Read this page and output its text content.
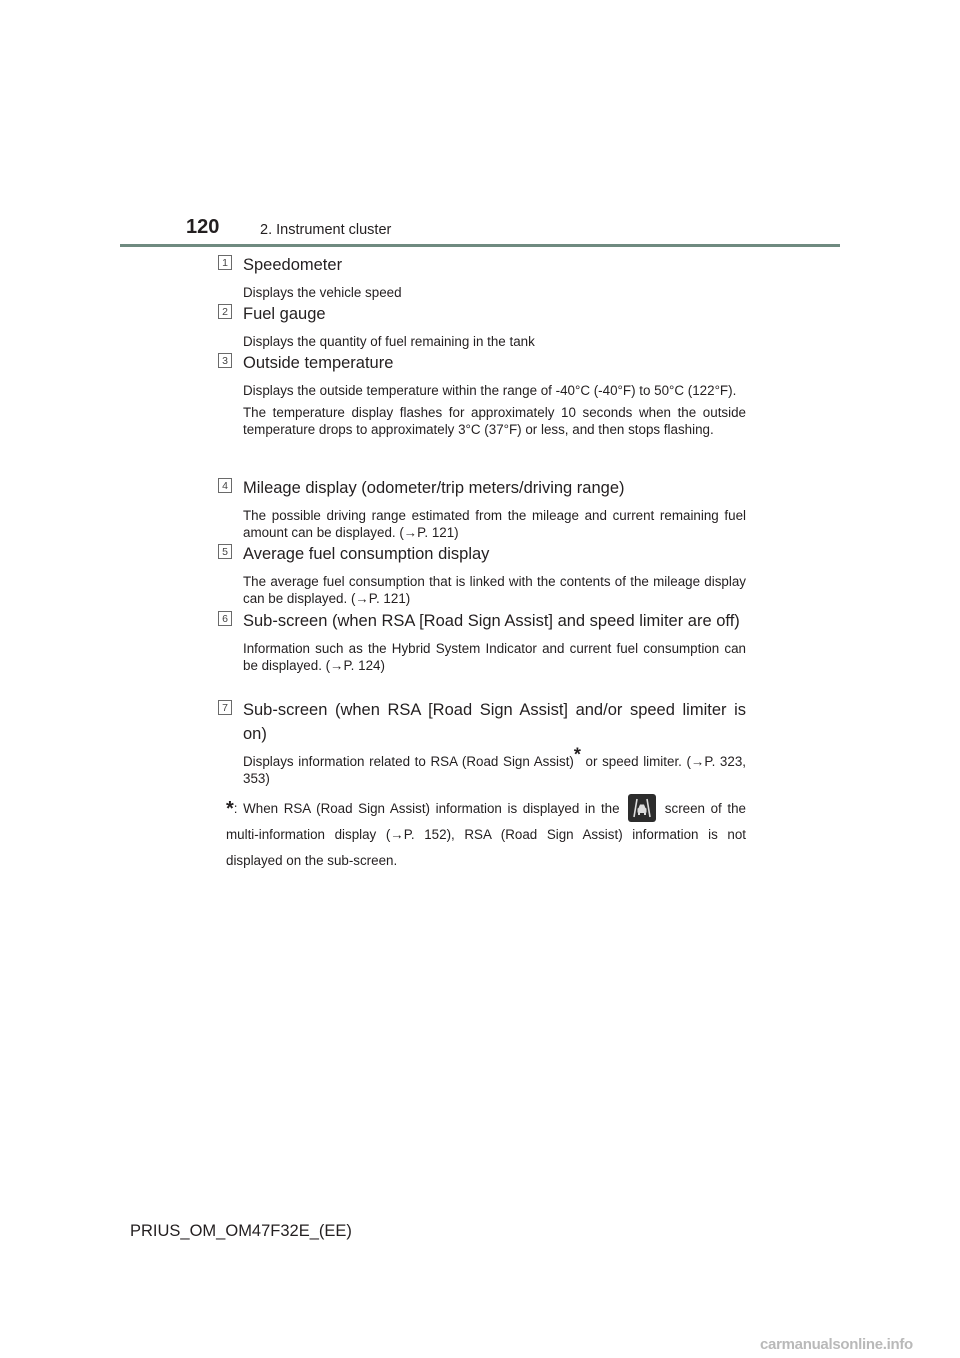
120	2. Instrument cluster
1 Speedometer

Displays the vehicle speed

2 Fuel gauge

Displays the quantity of fuel remaining in the tank

3 Outside temperature

Displays the outside temperature within the range of -40°C (-40°F) to 50°C (122°F).

The temperature display flashes for approximately 10 seconds when the outside temperature drops to approximately 3°C (37°F) or less, and then stops flashing.

4 Mileage display (odometer/trip meters/driving range)

The possible driving range estimated from the mileage and current remaining fuel amount can be displayed. (→P. 121)

5 Average fuel consumption display

The average fuel consumption that is linked with the contents of the mileage display can be displayed. (→P. 121)

6 Sub-screen (when RSA [Road Sign Assist] and speed limiter are off)

Information such as the Hybrid System Indicator and current fuel consumption can be displayed. (→P. 124)

7 Sub-screen (when RSA [Road Sign Assist] and/or speed limiter is on)

Displays information related to RSA (Road Sign Assist)* or speed limiter. (→P. 323, 353)

*: When RSA (Road Sign Assist) information is displayed in the	screen of the multi-information display (→P. 152), RSA (Road Sign Assist) information is not displayed on the sub-screen.
PRIUS_OM_OM47F32E_(EE)
carmanualsonline.info
